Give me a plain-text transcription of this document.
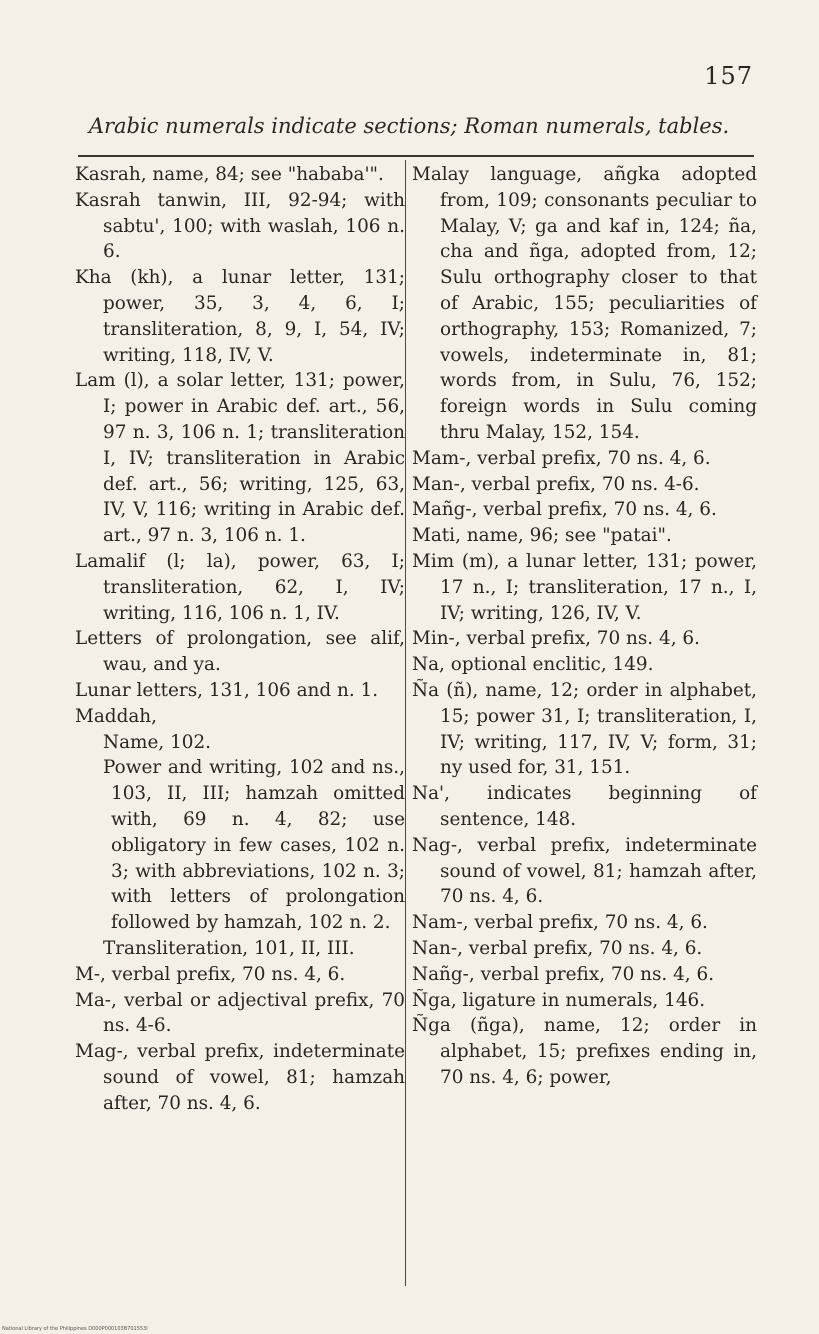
157
Arabic numerals indicate sections; Roman numerals, tables.

Kasrah, name, 84; see "hababa'".

Kasrah tanwin, III, 92-94; with sabtu', 100; with waslah, 106 n. 6.

Kha (kh), a lunar letter, 131; power, 35, 3, 4, 6, I; transliteration, 8, 9, I, 54, IV; writing, 118, IV, V.

Lam (l), a solar letter, 131; power, I; power in Arabic def. art., 56, 97 n. 3, 106 n. 1; transliteration I, IV; transliteration in Arabic def. art., 56; writing, 125, 63, IV, V, 116; writing in Arabic def. art., 97 n. 3, 106 n. 1.

Lamalif (l; la), power, 63, I; transliteration, 62, I, IV; writing, 116, 106 n. 1, IV.

Letters of prolongation, see alif, wau, and ya.

Lunar letters, 131, 106 and n. 1.

Maddah,

Name, 102.

Power and writing, 102 and ns., 103, II, III; hamzah omitted with, 69 n. 4, 82; use obligatory in few cases, 102 n. 3; with abbreviations, 102 n. 3; with letters of prolongation followed by hamzah, 102 n. 2.

Transliteration, 101, II, III.

M-, verbal prefix, 70 ns. 4, 6.

Ma-, verbal or adjectival prefix, 70 ns. 4-6.

Mag-, verbal prefix, indeterminate sound of vowel, 81; hamzah after, 70 ns. 4, 6.

Malay language, añgka adopted from, 109; consonants peculiar to Malay, V; ga and kaf in, 124; ña, cha and ñga, adopted from, 12; Sulu orthography closer to that of Arabic, 155; peculiarities of orthography, 153; Romanized, 7; vowels, indeterminate in, 81; words from, in Sulu, 76, 152; foreign words in Sulu coming thru Malay, 152, 154.

Mam-, verbal prefix, 70 ns. 4, 6.

Man-, verbal prefix, 70 ns. 4-6.

Mañg-, verbal prefix, 70 ns. 4, 6.

Mati, name, 96; see "patai".

Mim (m), a lunar letter, 131; power, 17 n., I; transliteration, 17 n., I, IV; writing, 126, IV, V.

Min-, verbal prefix, 70 ns. 4, 6.

Na, optional enclitic, 149.

Ña (ñ), name, 12; order in alphabet, 15; power 31, I; transliteration, I, IV; writing, 117, IV, V; form, 31; ny used for, 31, 151.

Na', indicates beginning of sentence, 148.

Nag-, verbal prefix, indeterminate sound of vowel, 81; hamzah after, 70 ns. 4, 6.

Nam-, verbal prefix, 70 ns. 4, 6.

Nan-, verbal prefix, 70 ns. 4, 6.

Nañg-, verbal prefix, 70 ns. 4, 6.

Ñga, ligature in numerals, 146.

Ñga (ñga), name, 12; order in alphabet, 15; prefixes ending in, 70 ns. 4, 6; power,

National Library of the Philippines D000P000103B701553I
